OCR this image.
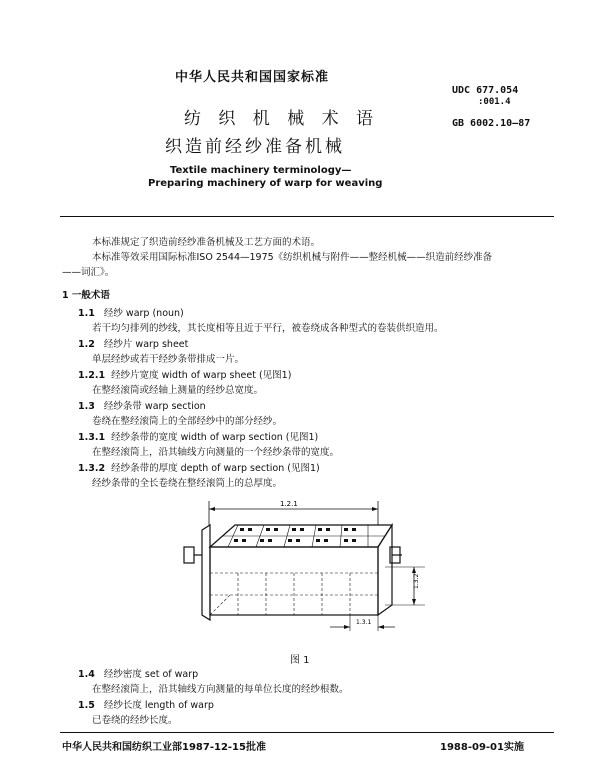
中华人民共和国国家标准
UDC 677.054
:001.4
GB 6002.10—87
纺 织 机 械 术 语
织造前经纱准备机械
Textile machinery terminology—
Preparing machinery of warp for weaving
本标准规定了织造前经纱准备机械及工艺方面的术语。
本标准等效采用国际标准ISO 2544—1975《纺织机械与附件——整经机械——织造前经纱准备
——词汇》。
1 一般术语
1.1 经纱 warp (noun)
若干均匀排列的纱线，其长度相等且近于平行，被卷绕成各种型式的卷装供织造用。
1.2 经纱片 warp sheet
单层经纱或若干经纱条带排成一片。
1.2.1 经纱片宽度 width of warp sheet (见图1)
在整经滚筒或经轴上测量的经纱总宽度。
1.3 经纱条带 warp section
卷绕在整经滚筒上的全部经纱中的部分经纱。
1.3.1 经纱条带的宽度 width of warp section (见图1)
在整经滚筒上，沿其轴线方向测量的一个经纱条带的宽度。
1.3.2 经纱条带的厚度 depth of warp section (见图1)
经纱条带的全长卷绕在整经滚筒上的总厚度。
1.2.1
1.3.2
1.3.1
图 1
1.4 经纱密度 set of warp
在整经滚筒上，沿其轴线方向测量的每单位长度的经纱根数。
1.5 经纱长度 length of warp
已卷绕的经纱长度。
中华人民共和国纺织工业部1987-12-15批准	1988-09-01实施
